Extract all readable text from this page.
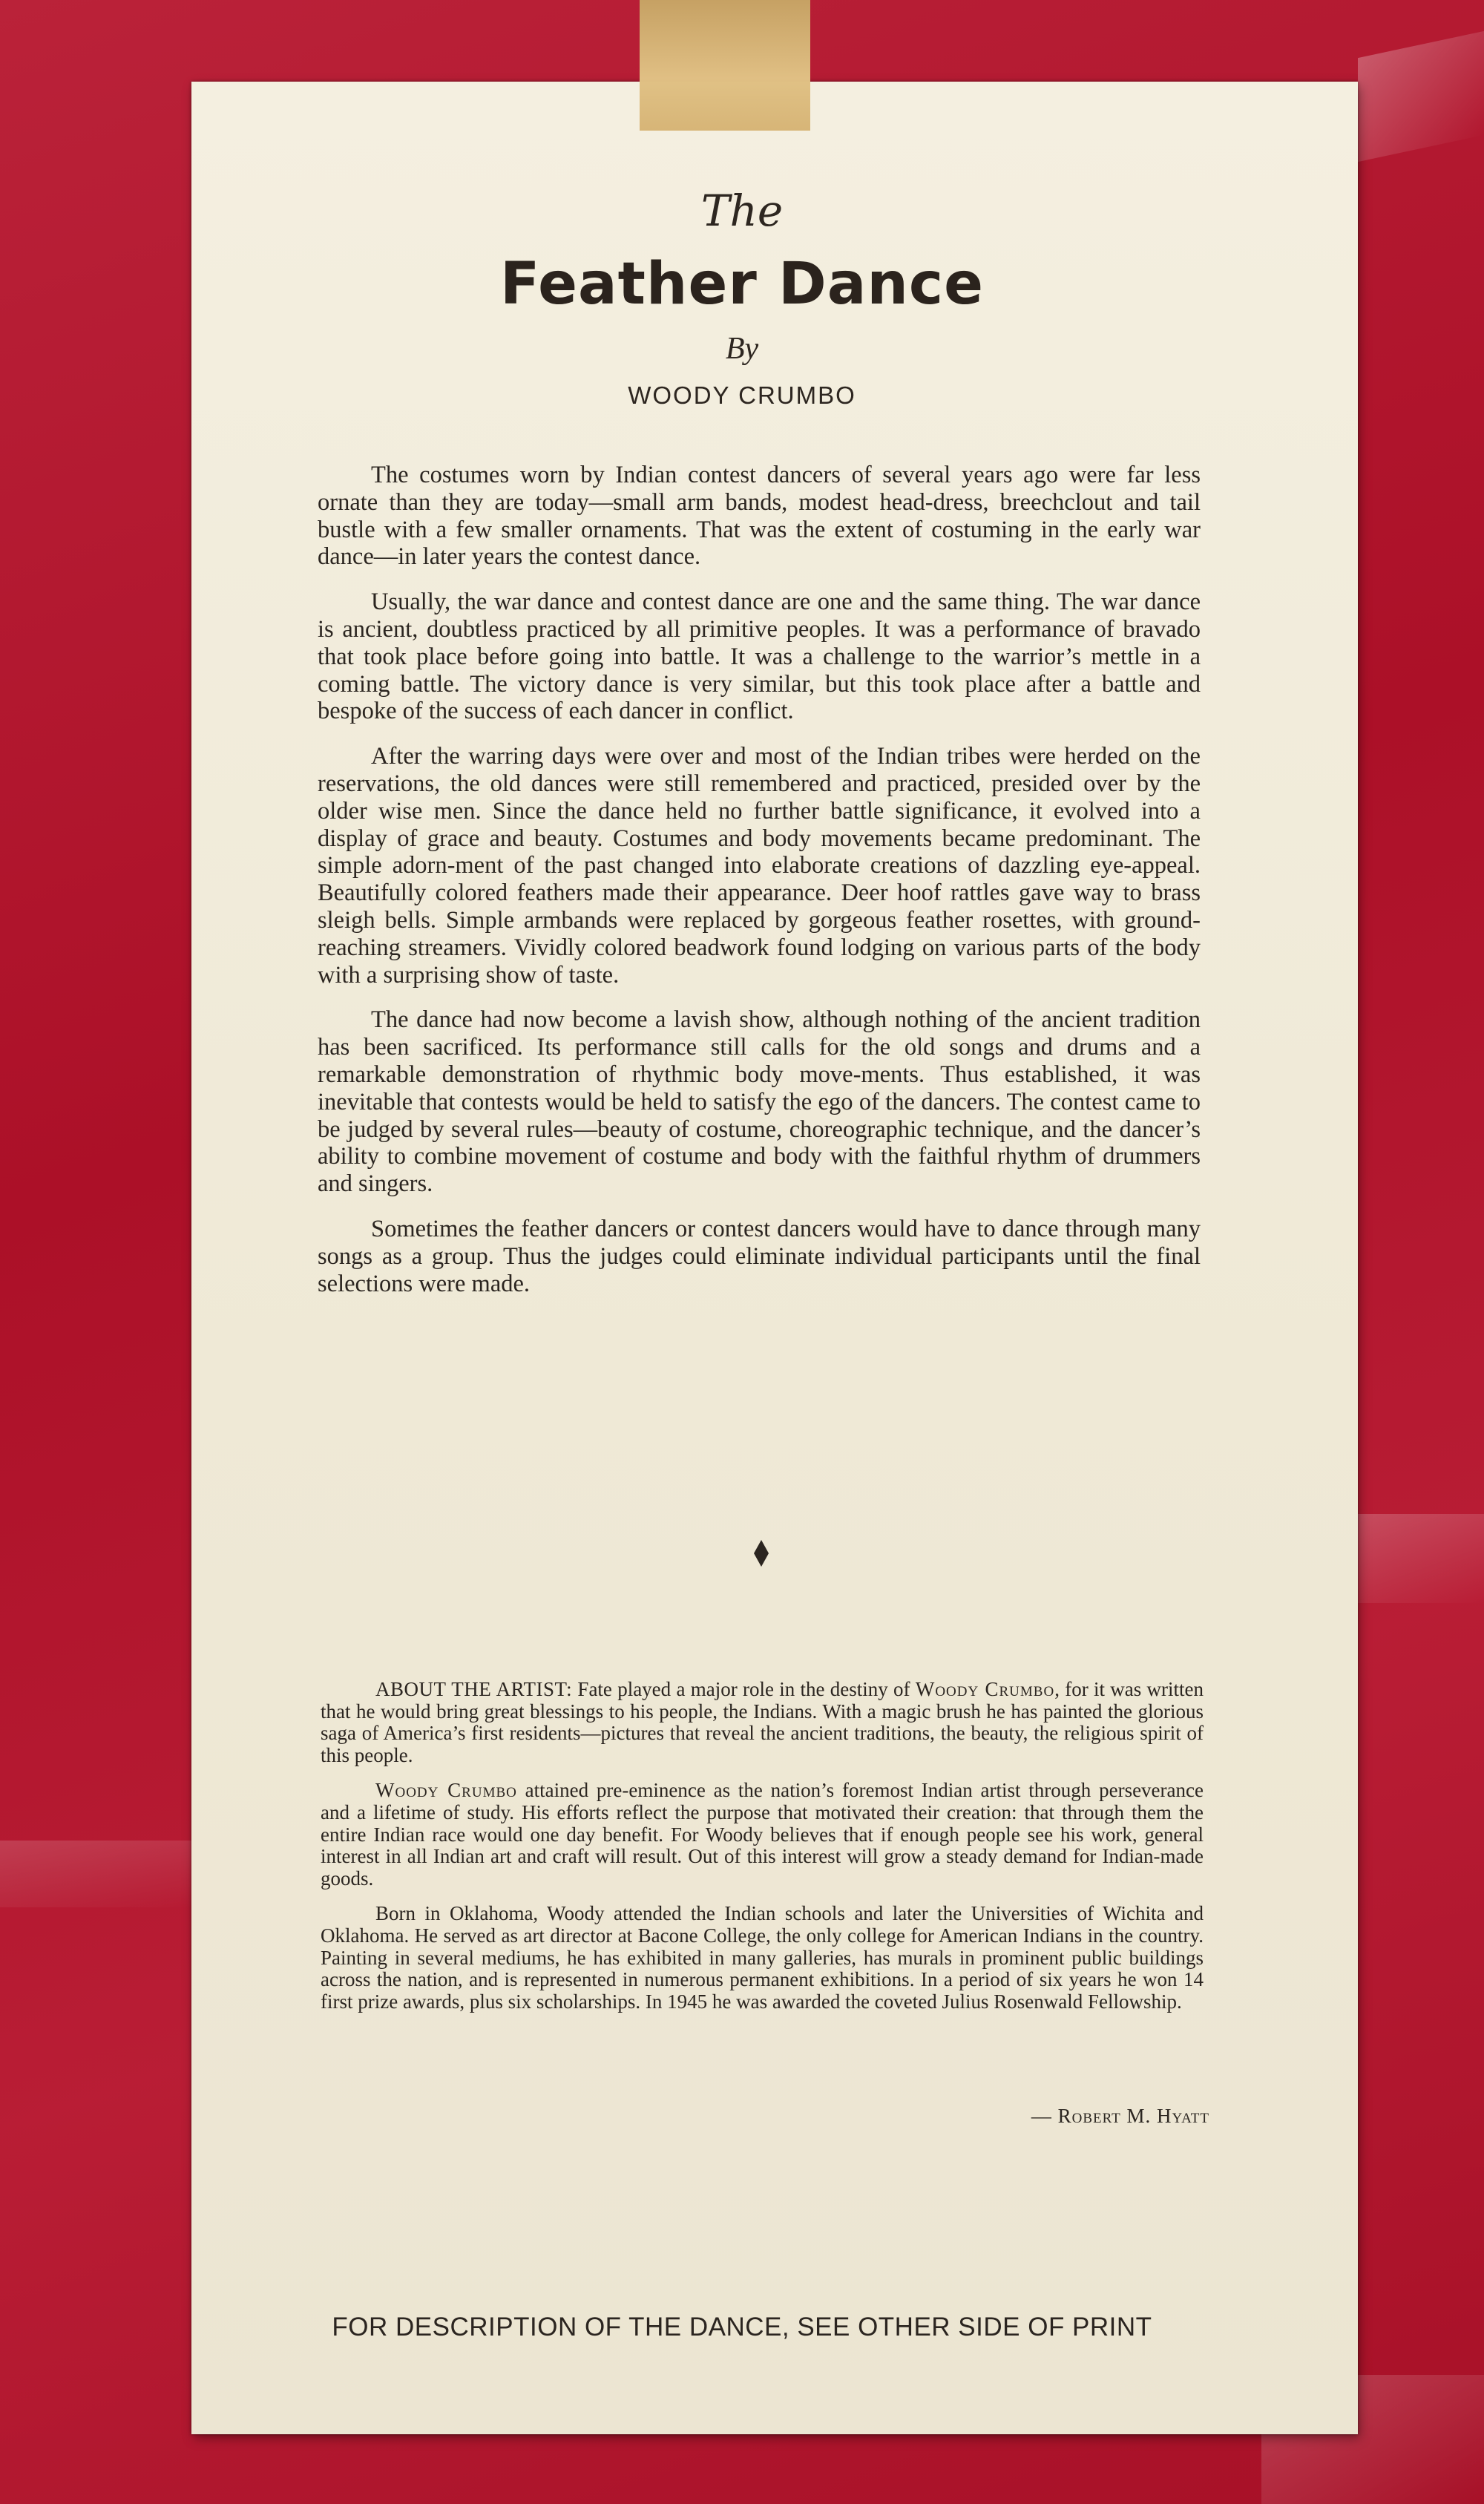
The
Feather Dance
By
WOODY CRUMBO

The costumes worn by Indian contest dancers of several years ago were far less ornate than they are today—small arm bands, modest head-dress, breechclout and tail bustle with a few smaller ornaments. That was the extent of costuming in the early war dance—in later years the contest dance.

Usually, the war dance and contest dance are one and the same thing. The war dance is ancient, doubtless practiced by all primitive peoples. It was a performance of bravado that took place before going into battle. It was a challenge to the warrior’s mettle in a coming battle. The victory dance is very similar, but this took place after a battle and bespoke of the success of each dancer in conflict.

After the warring days were over and most of the Indian tribes were herded on the reservations, the old dances were still remembered and practiced, presided over by the older wise men. Since the dance held no further battle significance, it evolved into a display of grace and beauty. Costumes and body movements became predominant. The simple adorn-ment of the past changed into elaborate creations of dazzling eye-appeal. Beautifully colored feathers made their appearance. Deer hoof rattles gave way to brass sleigh bells. Simple armbands were replaced by gorgeous feather rosettes, with ground-reaching streamers. Vividly colored beadwork found lodging on various parts of the body with a surprising show of taste.

The dance had now become a lavish show, although nothing of the ancient tradition has been sacrificed. Its performance still calls for the old songs and drums and a remarkable demonstration of rhythmic body move-ments. Thus established, it was inevitable that contests would be held to satisfy the ego of the dancers. The contest came to be judged by several rules—beauty of costume, choreographic technique, and the dancer’s ability to combine movement of costume and body with the faithful rhythm of drummers and singers.

Sometimes the feather dancers or contest dancers would have to dance through many songs as a group. Thus the judges could eliminate individual participants until the final selections were made.

ABOUT THE ARTIST: Fate played a major role in the destiny of Woody Crumbo, for it was written that he would bring great blessings to his people, the Indians. With a magic brush he has painted the glorious saga of America’s first residents—pictures that reveal the ancient traditions, the beauty, the religious spirit of this people.

Woody Crumbo attained pre-eminence as the nation’s foremost Indian artist through perseverance and a lifetime of study. His efforts reflect the purpose that motivated their creation: that through them the entire Indian race would one day benefit. For Woody believes that if enough people see his work, general interest in all Indian art and craft will result. Out of this interest will grow a steady demand for Indian-made goods.

Born in Oklahoma, Woody attended the Indian schools and later the Universities of Wichita and Oklahoma. He served as art director at Bacone College, the only college for American Indians in the country. Painting in several mediums, he has exhibited in many galleries, has murals in prominent public buildings across the nation, and is represented in numerous permanent exhibitions. In a period of six years he won 14 first prize awards, plus six scholarships. In 1945 he was awarded the coveted Julius Rosenwald Fellowship.

— Robert M. Hyatt
FOR DESCRIPTION OF THE DANCE, SEE OTHER SIDE OF PRINT
